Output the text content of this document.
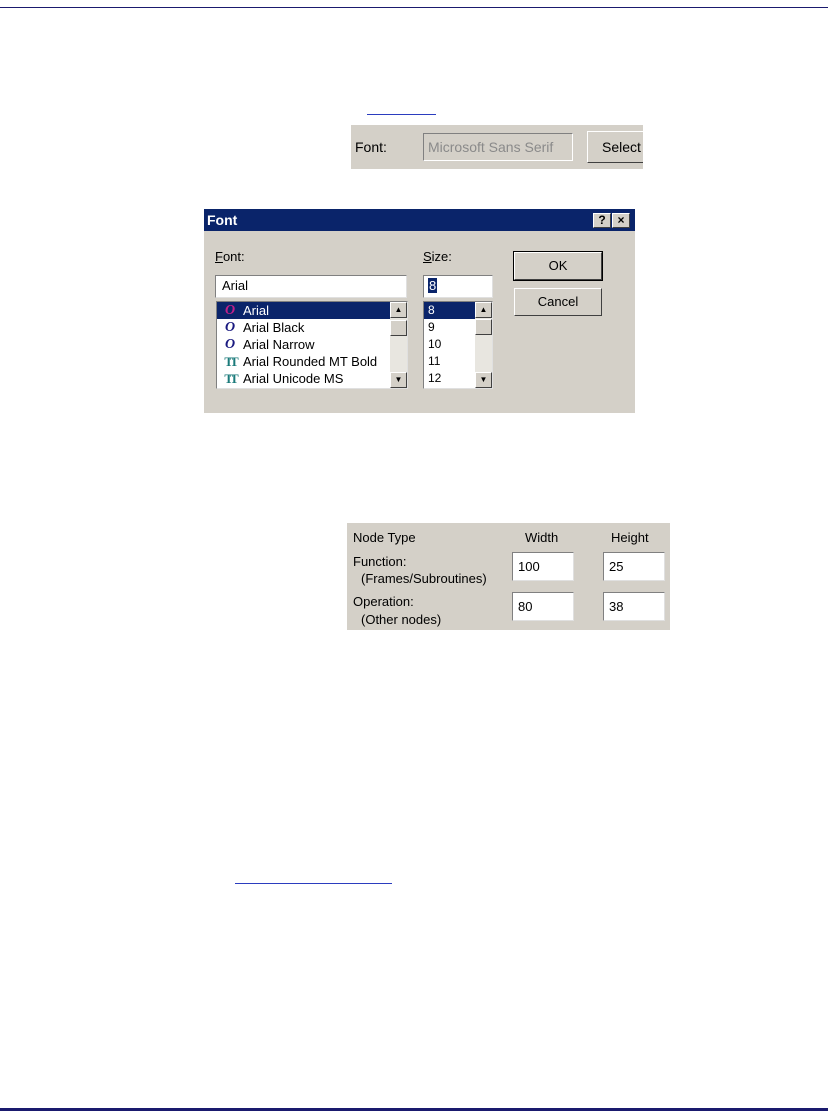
Font:	Microsoft Sans Serif	Select
Font	? ×
Font:	Size:
Arial	8
O Arial
O Arial Black
O Arial Narrow
TT Arial Rounded MT Bold
TT Arial Unicode MS
▲
▼
8
9
10
11
12
▲
▼
OK
Cancel
Node Type	Width	Height
Function:
(Frames/Subroutines)
100	25
Operation:
(Other nodes)
80	38
